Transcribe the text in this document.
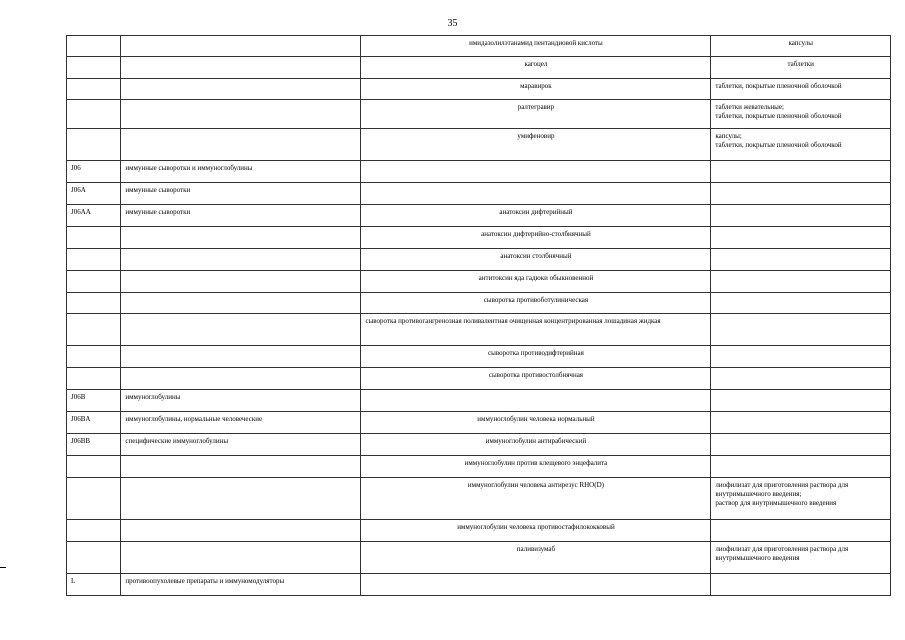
35
		имидазолилэтанамид пентандиовой кислоты	капсулы

		кагоцел	таблетки

		маравирок	таблетки, покрытые пленочной оболочкой

		ралтегравир	таблетки жевательные;
таблетки, покрытые пленочной оболочкой

		умифеновир	капсулы;
таблетки, покрытые пленочной оболочкой

J06	иммунные сыворотки и иммуноглобулины		
J06A	иммунные сыворотки		
J06AA	иммунные сыворотки	анатоксин дифтерийный	
		анатоксин дифтерийно-столбнячный	
		анатоксин столбнячный	
		антитоксин яда гадюки обыкновенной	
		сыворотка противоботулиническая	
		сыворотка противогангренозная поливалентная очищенная концентрированная лошадиная жидкая	
		сыворотка противодифтерийная	
		сыворотка противостолбнячная	
J06B	иммуноглобулины		
J06BA	иммуноглобулины, нормальные человеческие	иммуноглобулин человека нормальный	
J06BB	специфические иммуноглобулины	иммуноглобулин антирабический	
		иммуноглобулин против клещевого энцефалита	
		иммуноглобулин человека антирезус RHO(D)	лиофилизат для приготовления раствора для внутримышечного введения;
раствор для внутримышечного введения

		иммуноглобулин человека противостафилококковый	
		паливизумаб	лиофилизат для приготовления раствора для внутримышечного введения

L	противоопухолевые препараты и иммуномодуляторы		
